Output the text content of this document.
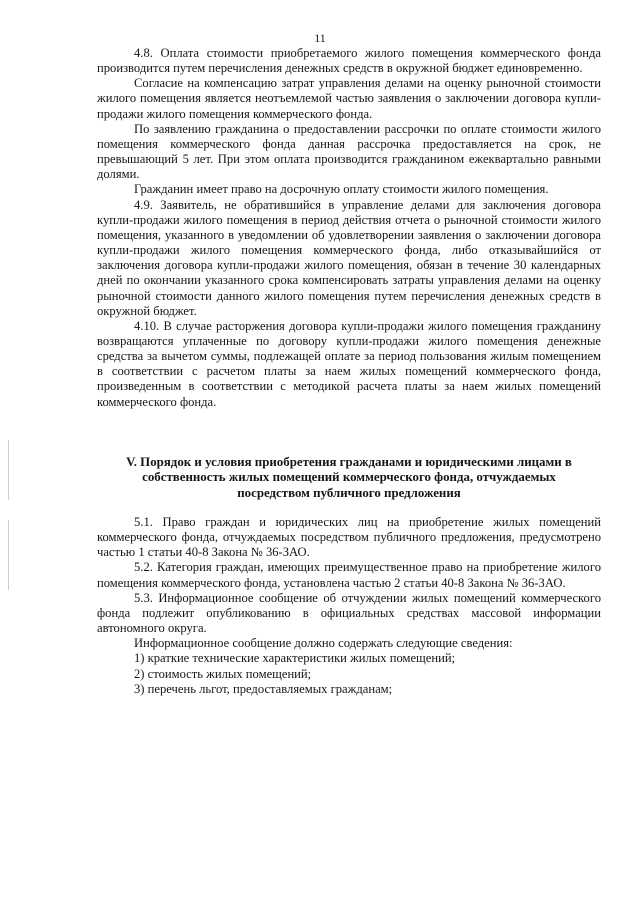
11

4.8. Оплата стоимости приобретаемого жилого помещения коммерческого фонда производится путем перечисления денежных средств в окружной бюджет единовременно.

Согласие на компенсацию затрат управления делами на оценку рыночной стоимости жилого помещения является неотъемлемой частью заявления о заключении договора купли-продажи жилого помещения коммерческого фонда.

По заявлению гражданина о предоставлении рассрочки по оплате стоимости жилого помещения коммерческого фонда данная рассрочка предоставляется на срок, не превышающий 5 лет. При этом оплата производится гражданином ежеквартально равными долями.

Гражданин имеет право на досрочную оплату стоимости жилого помещения.

4.9. Заявитель, не обратившийся в управление делами для заключения договора купли-продажи жилого помещения в период действия отчета о рыночной стоимости жилого помещения, указанного в уведомлении об удовлетворении заявления о заключении договора купли-продажи жилого помещения коммерческого фонда, либо отказывайшийся от заключения договора купли-продажи жилого помещения, обязан в течение 30 календарных дней по окончании указанного срока компенсировать затраты управления делами на оценку рыночной стоимости данного жилого помещения путем перечисления денежных средств в окружной бюджет.

4.10. В случае расторжения договора купли-продажи жилого помещения гражданину возвращаются уплаченные по договору купли-продажи жилого помещения денежные средства за вычетом суммы, подлежащей оплате за период пользования жилым помещением в соответствии с расчетом платы за наем жилых помещений коммерческого фонда, произведенным в соответствии с методикой расчета платы за наем жилых помещений коммерческого фонда.

V. Порядок и условия приобретения гражданами и юридическими лицами в собственность жилых помещений коммерческого фонда, отчуждаемых посредством публичного предложения

5.1. Право граждан и юридических лиц на приобретение жилых помещений коммерческого фонда, отчуждаемых посредством публичного предложения, предусмотрено частью 1 статьи 40-8 Закона № 36-ЗАО.

5.2. Категория граждан, имеющих преимущественное право на приобретение жилого помещения коммерческого фонда, установлена частью 2 статьи 40-8 Закона № 36-ЗАО.

5.3. Информационное сообщение об отчуждении жилых помещений коммерческого фонда подлежит опубликованию в официальных средствах массовой информации автономного округа.

Информационное сообщение должно содержать следующие сведения:

1) краткие технические характеристики жилых помещений;

2) стоимость жилых помещений;

3) перечень льгот, предоставляемых гражданам;
